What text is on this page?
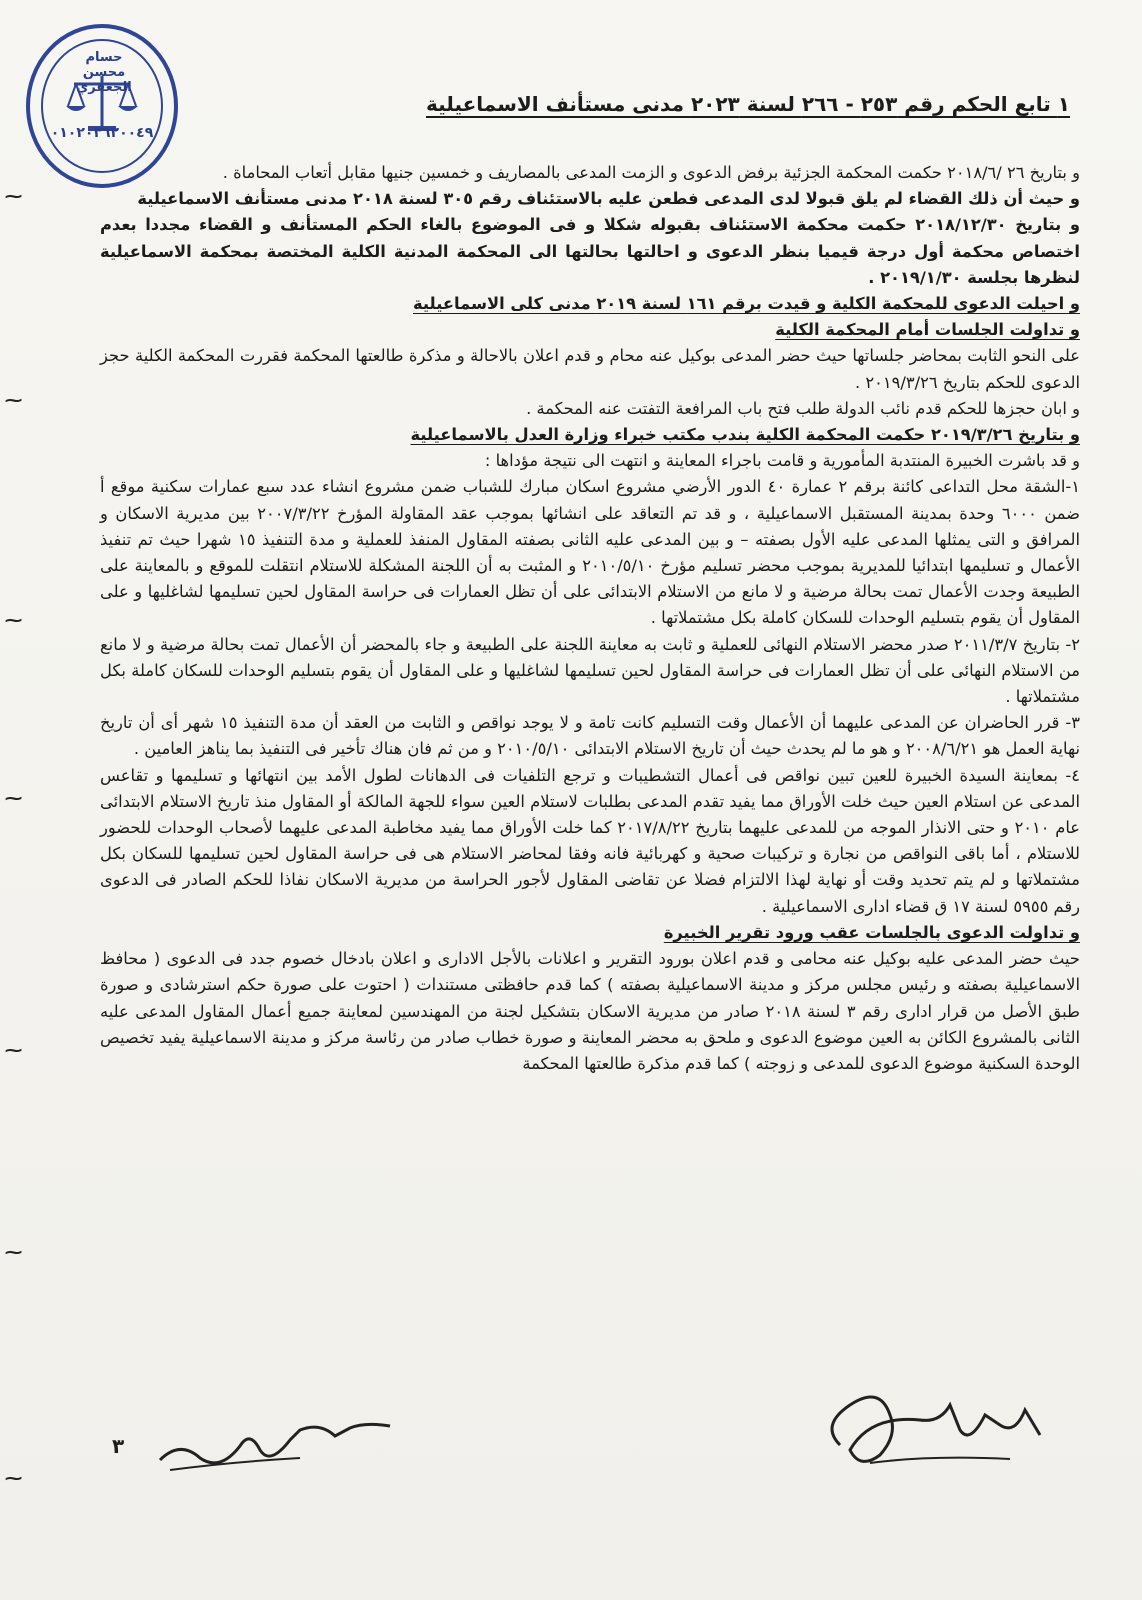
حسام محسن الجعفري
٠١٠٢٠٣٦٢٠٠٤٩
١ تابع الحكم رقم ٢٥٣ - ٢٦٦ لسنة ٢٠٢٣ مدنى مستأنف الاسماعيلية

و بتاريخ ٢٦ /٢٠١٨/٦ حكمت المحكمة الجزئية برفض الدعوى و الزمت المدعى بالمصاريف و خمسين جنيها مقابل أتعاب المحاماة .

و حيث أن ذلك القضاء لم يلق قبولا لدى المدعى فطعن عليه بالاستئناف رقم ٣٠٥ لسنة ٢٠١٨ مدنى مستأنف الاسماعيلية

و بتاريخ ٢٠١٨/١٢/٣٠ حكمت محكمة الاستئناف بقبوله شكلا و فى الموضوع بالغاء الحكم المستأنف و القضاء مجددا بعدم اختصاص محكمة أول درجة قيميا بنظر الدعوى و احالتها بحالتها الى المحكمة المدنية الكلية المختصة بمحكمة الاسماعيلية لنظرها بجلسة ٢٠١٩/١/٣٠ .

و احيلت الدعوى للمحكمة الكلية و قيدت برقم ١٦١ لسنة ٢٠١٩ مدنى كلى الاسماعيلية

و تداولت الجلسات أمام المحكمة الكلية

على النحو الثابت بمحاضر جلساتها حيث حضر المدعى بوكيل عنه محام و قدم اعلان بالاحالة و مذكرة طالعتها المحكمة فقررت المحكمة الكلية حجز الدعوى للحكم بتاريخ ٢٠١٩/٣/٢٦ .

و ابان حجزها للحكم قدم نائب الدولة طلب فتح باب المرافعة التفتت عنه المحكمة .

و بتاريخ ٢٠١٩/٣/٢٦ حكمت المحكمة الكلية بندب مكتب خبراء وزارة العدل بالاسماعيلية

و قد باشرت الخبيرة المنتدبة المأمورية و قامت باجراء المعاينة و انتهت الى نتيجة مؤداها :

١-الشقة محل التداعى كائنة برقم ٢ عمارة ٤٠ الدور الأرضي مشروع اسكان مبارك للشباب ضمن مشروع انشاء عدد سبع عمارات سكنية موقع أ ضمن ٦٠٠٠ وحدة بمدينة المستقبل الاسماعيلية ، و قد تم التعاقد على انشائها بموجب عقد المقاولة المؤرخ ٢٠٠٧/٣/٢٢ بين مديرية الاسكان و المرافق و التى يمثلها المدعى عليه الأول بصفته – و بين المدعى عليه الثانى بصفته المقاول المنفذ للعملية و مدة التنفيذ ١٥ شهرا حيث تم تنفيذ الأعمال و تسليمها ابتدائيا للمديرية بموجب محضر تسليم مؤرخ ٢٠١٠/٥/١٠ و المثبت به أن اللجنة المشكلة للاستلام انتقلت للموقع و بالمعاينة على الطبيعة وجدت الأعمال تمت بحالة مرضية و لا مانع من الاستلام الابتدائى على أن تظل العمارات فى حراسة المقاول لحين تسليمها لشاغليها و على المقاول أن يقوم بتسليم الوحدات للسكان كاملة بكل مشتملاتها .

٢- بتاريخ ٢٠١١/٣/٧ صدر محضر الاستلام النهائى للعملية و ثابت به معاينة اللجنة على الطبيعة و جاء بالمحضر أن الأعمال تمت بحالة مرضية و لا مانع من الاستلام النهائى على أن تظل العمارات فى حراسة المقاول لحين تسليمها لشاغليها و على المقاول أن يقوم بتسليم الوحدات للسكان كاملة بكل مشتملاتها .

٣- قرر الحاضران عن المدعى عليهما أن الأعمال وقت التسليم كانت تامة و لا يوجد نواقص و الثابت من العقد أن مدة التنفيذ ١٥ شهر أى أن تاريخ نهاية العمل هو ٢٠٠٨/٦/٢١ و هو ما لم يحدث حيث أن تاريخ الاستلام الابتدائى ٢٠١٠/٥/١٠ و من ثم فان هناك تأخير فى التنفيذ بما يناهز العامين .

٤- بمعاينة السيدة الخبيرة للعين تبين نواقص فى أعمال التشطيبات و ترجع التلفيات فى الدهانات لطول الأمد بين انتهائها و تسليمها و تقاعس المدعى عن استلام العين حيث خلت الأوراق مما يفيد تقدم المدعى بطلبات لاستلام العين سواء للجهة المالكة أو المقاول منذ تاريخ الاستلام الابتدائى عام ٢٠١٠ و حتى الانذار الموجه من للمدعى عليهما بتاريخ ٢٠١٧/٨/٢٢ كما خلت الأوراق مما يفيد مخاطبة المدعى عليهما لأصحاب الوحدات للحضور للاستلام ، أما باقى النواقص من نجارة و تركيبات صحية و كهربائية فانه وفقا لمحاضر الاستلام هى فى حراسة المقاول لحين تسليمها للسكان بكل مشتملاتها و لم يتم تحديد وقت أو نهاية لهذا الالتزام فضلا عن تقاضى المقاول لأجور الحراسة من مديرية الاسكان نفاذا للحكم الصادر فى الدعوى رقم ٥٩٥٥ لسنة ١٧ ق قضاء ادارى الاسماعيلية .

و تداولت الدعوى بالجلسات عقب ورود تقرير الخبيرة

حيث حضر المدعى عليه بوكيل عنه محامى و قدم اعلان بورود التقرير و اعلانات بالأجل الادارى و اعلان بادخال خصوم جدد فى الدعوى ( محافظ الاسماعيلية بصفته و رئيس مجلس مركز و مدينة الاسماعيلية بصفته ) كما قدم حافظتى مستندات ( احتوت على صورة حكم استرشادى و صورة طبق الأصل من قرار ادارى رقم ٣ لسنة ٢٠١٨ صادر من مديرية الاسكان بتشكيل لجنة من المهندسين لمعاينة جميع أعمال المقاول المدعى عليه الثانى بالمشروع الكائن به العين موضوع الدعوى و ملحق به محضر المعاينة و صورة خطاب صادر من رئاسة مركز و مدينة الاسماعيلية يفيد تخصيص الوحدة السكنية موضوع الدعوى للمدعى و زوجته ) كما قدم مذكرة طالعتها المحكمة

~
~
~
~
~
~
~
٣
